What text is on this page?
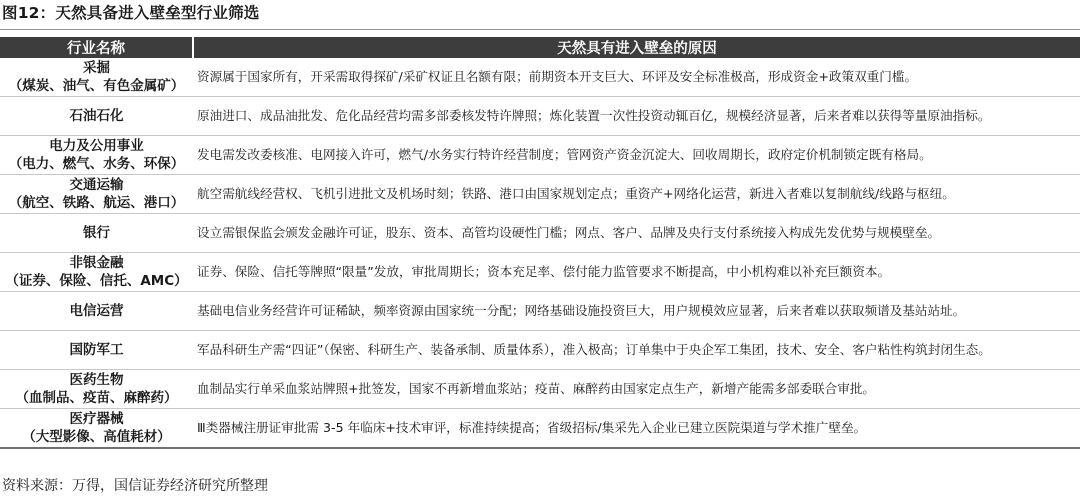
图12：天然具备进入壁垒型行业筛选
行业名称	天然具有进入壁垒的原因

采掘
（煤炭、油气、有色金属矿）	资源属于国家所有，开采需取得探矿/采矿权证且名额有限；前期资本开支巨大、环评及安全标准极高，形成资金+政策双重门槛。

石油石化	原油进口、成品油批发、危化品经营均需多部委核发特许牌照；炼化装置一次性投资动辄百亿，规模经济显著，后来者难以获得等量原油指标。

电力及公用事业
（电力、燃气、水务、环保）	发电需发改委核准、电网接入许可，燃气/水务实行特许经营制度；管网资产资金沉淀大、回收周期长，政府定价机制锁定既有格局。

交通运输
（航空、铁路、航运、港口）	航空需航线经营权、飞机引进批文及机场时刻；铁路、港口由国家规划定点；重资产+网络化运营，新进入者难以复制航线/线路与枢纽。

银行	设立需银保监会颁发金融许可证，股东、资本、高管均设硬性门槛；网点、客户、品牌及央行支付系统接入构成先发优势与规模壁垒。

非银金融
（证券、保险、信托、AMC）	证券、保险、信托等牌照“限量”发放，审批周期长；资本充足率、偿付能力监管要求不断提高，中小机构难以补充巨额资本。

电信运营	基础电信业务经营许可证稀缺，频率资源由国家统一分配；网络基础设施投资巨大，用户规模效应显著，后来者难以获取频谱及基站站址。

国防军工	军品科研生产需“四证”（保密、科研生产、装备承制、质量体系），准入极高；订单集中于央企军工集团，技术、安全、客户粘性构筑封闭生态。

医药生物
（血制品、疫苗、麻醉药）	血制品实行单采血浆站牌照+批签发，国家不再新增血浆站；疫苗、麻醉药由国家定点生产，新增产能需多部委联合审批。

医疗器械
（大型影像、高值耗材）	Ⅲ类器械注册证审批需 3-5 年临床+技术审评，标准持续提高；省级招标/集采先入企业已建立医院渠道与学术推广壁垒。
资料来源：万得，国信证券经济研究所整理
